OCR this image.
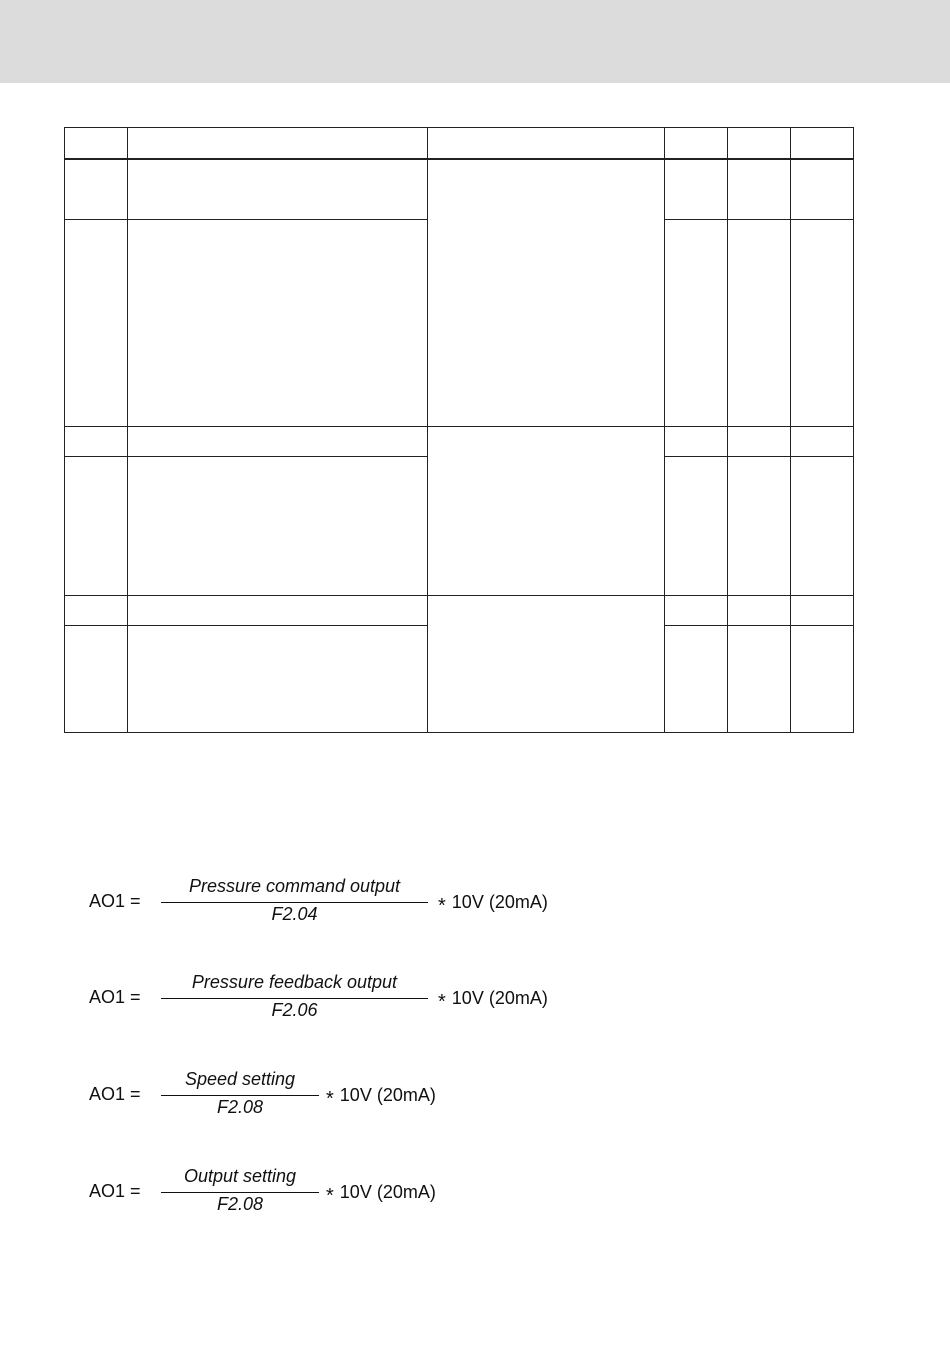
AO1 =
Pressure command output
F2.04	* 10V (20mA)
AO1 =
Pressure feedback output
F2.06	* 10V (20mA)
AO1 =
Speed setting
F2.08	* 10V (20mA)
AO1 =
Output setting
F2.08	* 10V (20mA)
